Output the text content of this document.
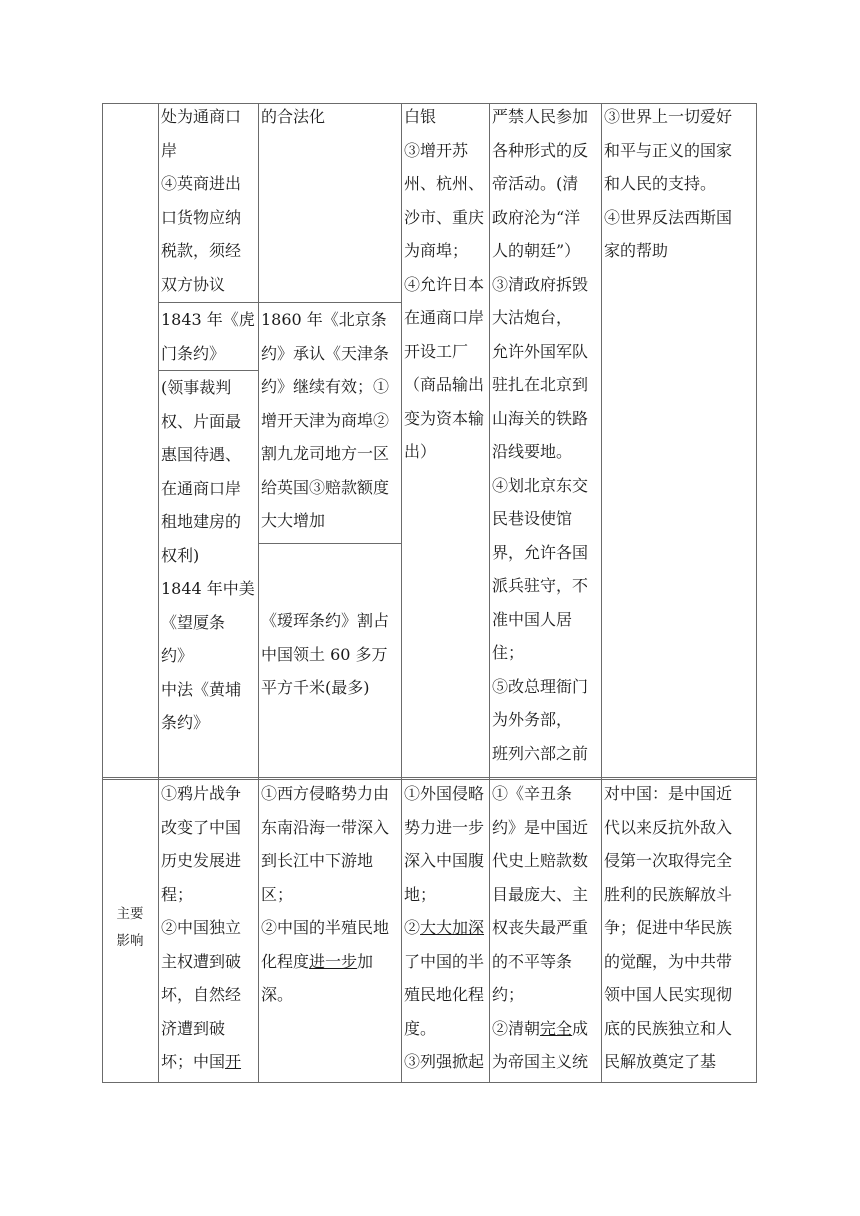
处为通商口
岸
④英商进出
口货物应纳
税款，须经
双方协议
1843 年《虎
门条约》
(领事裁判
权、片面最
惠国待遇、
在通商口岸
租地建房的
权利)
1844 年中美
《望厦条
约》
中法《黄埔
条约》
的合法化
1860 年《北京条
约》承认《天津条
约》继续有效；①
增开天津为商埠②
割九龙司地方一区
给英国③赔款额度
大大增加
《瑷珲条约》割占
中国领土 60 多万
平方千米(最多)
白银
③增开苏
州、杭州、
沙市、重庆
为商埠；
④允许日本
在通商口岸
开设工厂
（商品输出
变为资本输
出）
严禁人民参加
各种形式的反
帝活动。(清
政府沦为“洋
人的朝廷”）
③清政府拆毁
大沽炮台，
允许外国军队
驻扎在北京到
山海关的铁路
沿线要地。
④划北京东交
民巷设使馆
界，允许各国
派兵驻守，不
准中国人居
住；
⑤改总理衙门
为外务部，
班列六部之前
③世界上一切爱好
和平与正义的国家
和人民的支持。
④世界反法西斯国
家的帮助
主要
影响
①鸦片战争
改变了中国
历史发展进
程；
②中国独立
主权遭到破
坏，自然经
济遭到破
坏；中国开
①西方侵略势力由
东南沿海一带深入
到长江中下游地
区；
②中国的半殖民地
化程度进一步加
深。
①外国侵略
势力进一步
深入中国腹
地；
②大大加深
了中国的半
殖民地化程
度。
③列强掀起
①《辛丑条
约》是中国近
代史上赔款数
目最庞大、主
权丧失最严重
的不平等条
约；
②清朝完全成
为帝国主义统
对中国：是中国近
代以来反抗外敌入
侵第一次取得完全
胜利的民族解放斗
争；促进中华民族
的觉醒，为中共带
领中国人民实现彻
底的民族独立和人
民解放奠定了基
